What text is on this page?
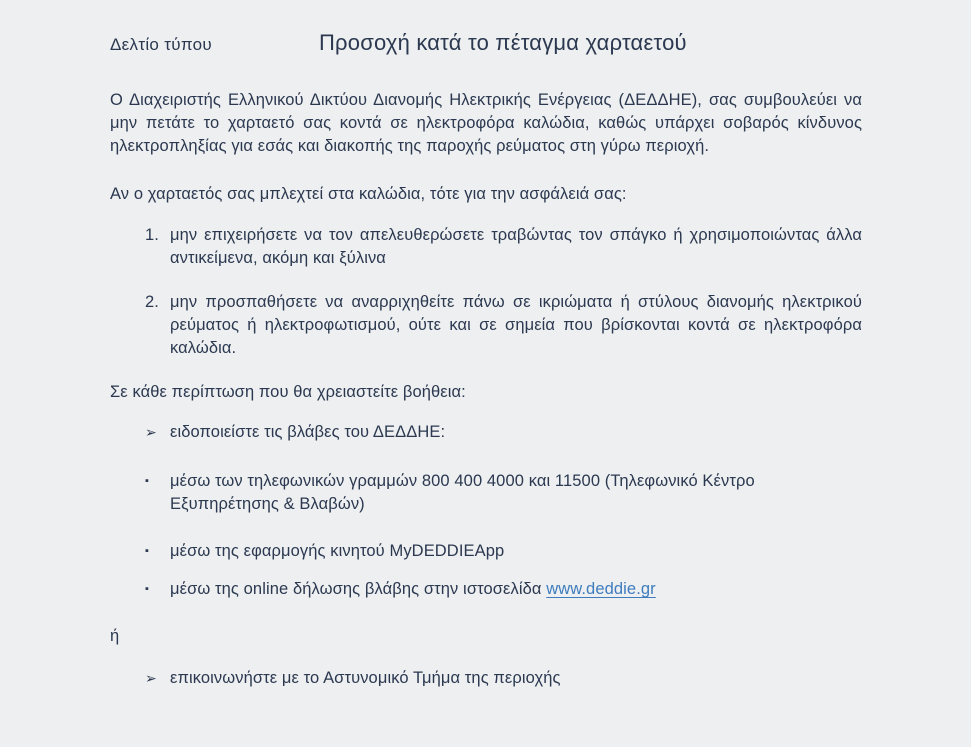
Δελτίο τύπου	Προσοχή κατά το πέταγμα χαρταετού

Ο Διαχειριστής Ελληνικού Δικτύου Διανομής Ηλεκτρικής Ενέργειας (ΔΕΔΔΗΕ), σας συμβουλεύει να μην πετάτε το χαρταετό σας κοντά σε ηλεκτροφόρα καλώδια, καθώς υπάρχει σοβαρός κίνδυνος ηλεκτροπληξίας για εσάς και διακοπής της παροχής ρεύματος στη γύρω περιοχή.

Αν ο χαρταετός σας μπλεχτεί στα καλώδια, τότε για την ασφάλειά σας:

1. μην επιχειρήσετε να τον απελευθερώσετε τραβώντας τον σπάγκο ή χρησιμοποιώντας άλλα αντικείμενα, ακόμη και ξύλινα
2. μην προσπαθήσετε να αναρριχηθείτε πάνω σε ικριώματα ή στύλους διανομής ηλεκτρικού ρεύματος ή ηλεκτροφωτισμού, ούτε και σε σημεία που βρίσκονται κοντά σε ηλεκτροφόρα καλώδια.

Σε κάθε περίπτωση που θα χρειαστείτε βοήθεια:

➢ ειδοποιείστε τις βλάβες του ΔΕΔΔΗΕ:
▪	μέσω των τηλεφωνικών γραμμών 800 400 4000 και 11500 (Τηλεφωνικό Κέντρο Εξυπηρέτησης & Βλαβών)
▪	μέσω της εφαρμογής κινητού MyDEDDIEApp
▪	μέσω της online δήλωσης βλάβης στην ιστοσελίδα www.deddie.gr

ή

➢ επικοινωνήστε με το Αστυνομικό Τμήμα της περιοχής
